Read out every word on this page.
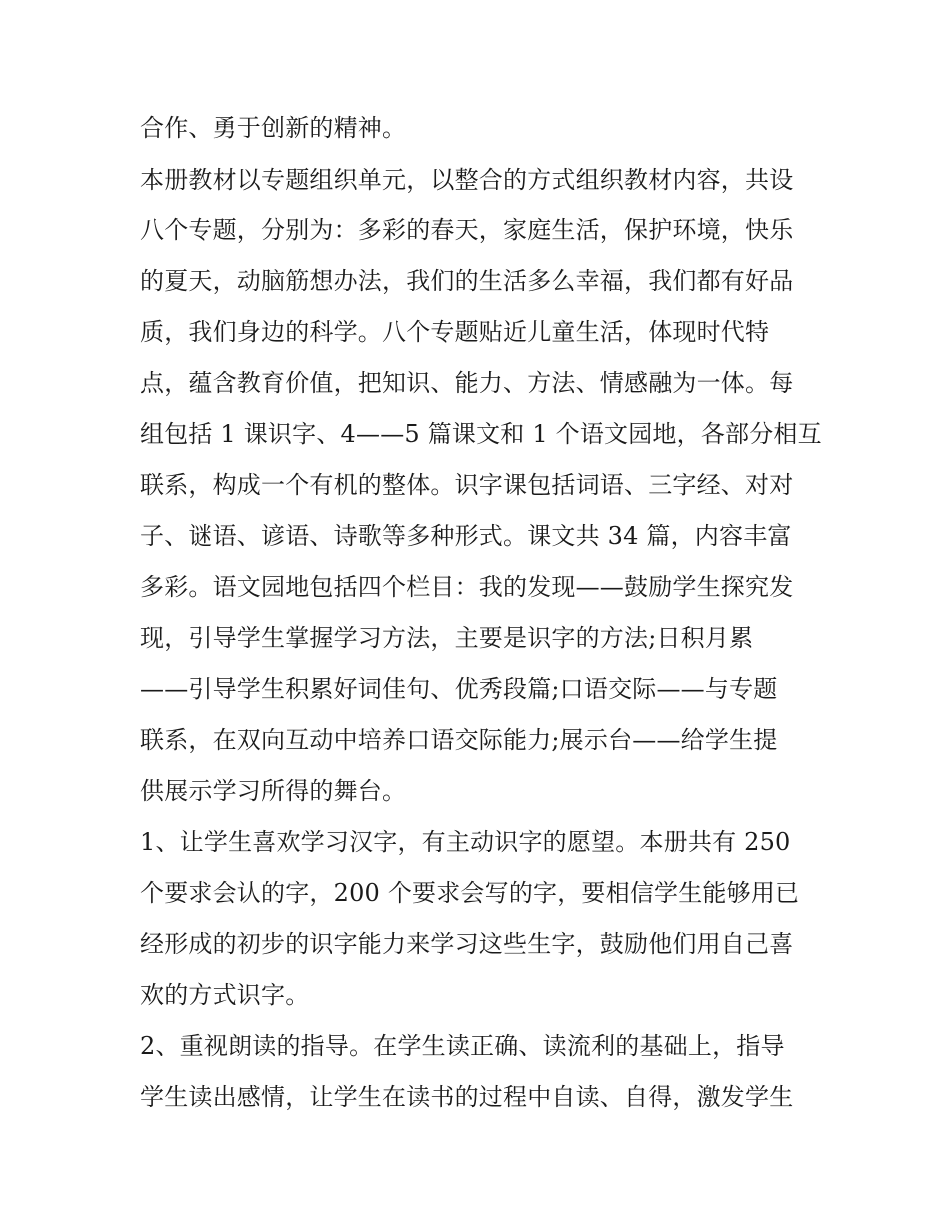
合作、勇于创新的精神。
本册教材以专题组织单元，以整合的方式组织教材内容，共设
八个专题，分别为：多彩的春天，家庭生活，保护环境，快乐
的夏天，动脑筋想办法，我们的生活多么幸福，我们都有好品
质，我们身边的科学。八个专题贴近儿童生活，体现时代特
点，蕴含教育价值，把知识、能力、方法、情感融为一体。每
组包括 1 课识字、4——5 篇课文和 1 个语文园地，各部分相互
联系，构成一个有机的整体。识字课包括词语、三字经、对对
子、谜语、谚语、诗歌等多种形式。课文共 34 篇，内容丰富
多彩。语文园地包括四个栏目：我的发现——鼓励学生探究发
现，引导学生掌握学习方法，主要是识字的方法;日积月累
——引导学生积累好词佳句、优秀段篇;口语交际——与专题
联系，在双向互动中培养口语交际能力;展示台——给学生提
供展示学习所得的舞台。
1、让学生喜欢学习汉字，有主动识字的愿望。本册共有 250
个要求会认的字，200 个要求会写的字，要相信学生能够用已
经形成的初步的识字能力来学习这些生字，鼓励他们用自己喜
欢的方式识字。
2、重视朗读的指导。在学生读正确、读流利的基础上，指导
学生读出感情，让学生在读书的过程中自读、自得，激发学生
